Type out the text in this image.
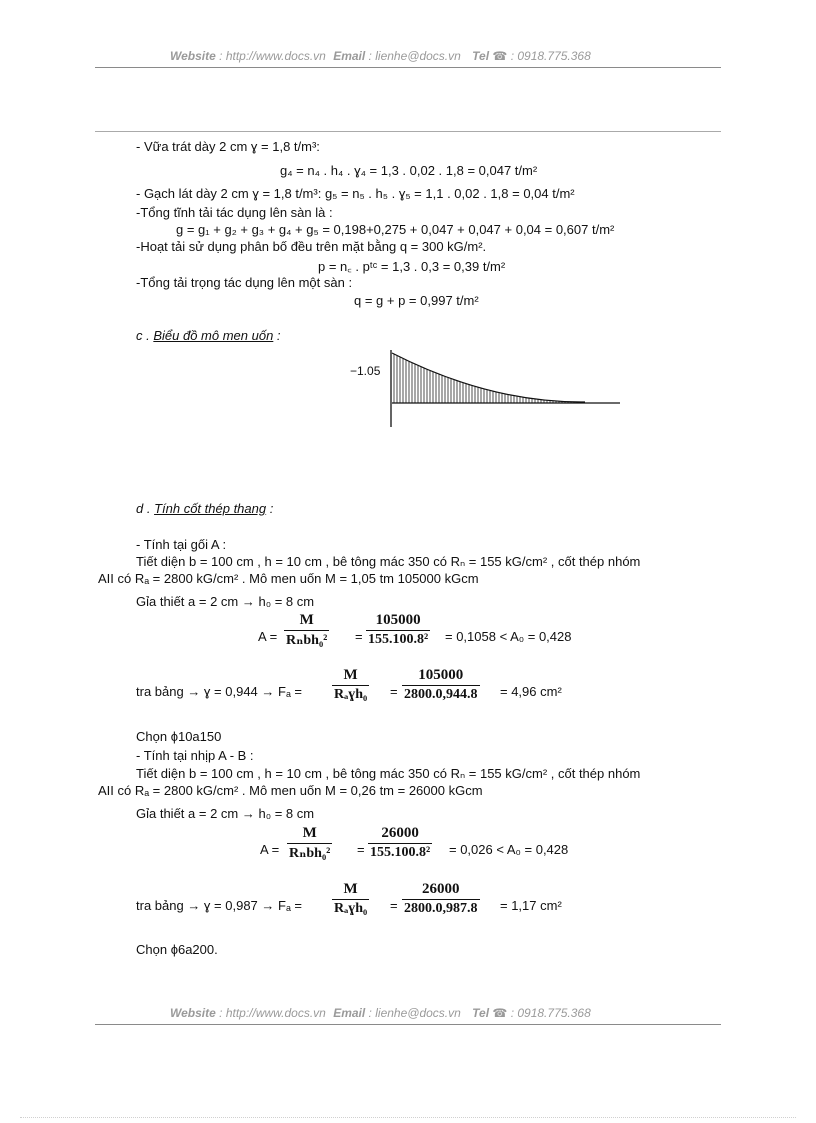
Website : http://www.docs.vn Email : lienhe@docs.vn Tel ☎ : 0918.775.368
- Vữa trát dày 2 cm ɣ = 1,8 t/m³:
g₄ = n₄ . h₄ . ɣ₄ = 1,3 . 0,02 . 1,8 = 0,047 t/m²
- Gạch lát dày 2 cm ɣ = 1,8 t/m³: g₅ = n₅ . h₅ . ɣ₅ = 1,1 . 0,02 . 1,8 = 0,04 t/m²
-Tổng tĩnh tải tác dụng lên sàn là :
g = g₁ + g₂ + g₃ + g₄ + g₅ = 0,198+0,275 + 0,047 + 0,047 + 0,04 = 0,607 t/m²
-Hoạt tải sử dụng phân bố đều trên mặt bằng q = 300 kG/m².
p = n꜀ . pᵗᶜ = 1,3 . 0,3 = 0,39 t/m²
-Tổng tải trọng tác dụng lên một sàn :
q = g + p = 0,997 t/m²
c . Biểu đồ mô men uốn :
−1.05
d . Tính cốt thép thang :
- Tính tại gối A :
Tiết diện b = 100 cm , h = 10 cm , bê tông mác 350 có Rₙ = 155 kG/cm² , cốt thép nhóm
AII có Rₐ = 2800 kG/cm² . Mô men uốn M = 1,05 tm 105000 kGcm
Gỉa thiết a = 2 cm → h₀ = 8 cm
A =
M
$R_nbh_0^2 = \frac{105000}{\text{155.100.8²}} = 0,1058 < A_0 = 0,428$
tra bảng → ɣ = 0,944 → Fₐ =
M
Rₐɣh₀ = $\frac{105000}{2800.0,944.8} = 4,96$ cm²
Chọn ϕ10a150
- Tính tại nhịp A - B :
Tiết diện b = 100 cm , h = 10 cm , bê tông mác 350 có Rₙ = 155 kG/cm² , cốt thép nhóm
AII có Rₐ = 2800 kG/cm² . Mô men uốn M = 0,26 tm = 26000 kGcm
Gỉa thiết a = 2 cm → h₀ = 8 cm
A =
M
$R_nbh_0^2 = \frac{26000}{\text{155.100.8²}} = 0,026 < A_0 = 0,428$
tra bảng → ɣ = 0,987 → Fₐ =
M
Rₐɣh₀ = $\frac{26000}{2800.0,987.8} = 1,17$ cm²
Chọn ϕ6a200.
Website : http://www.docs.vn Email : lienhe@docs.vn Tel ☎ : 0918.775.368
